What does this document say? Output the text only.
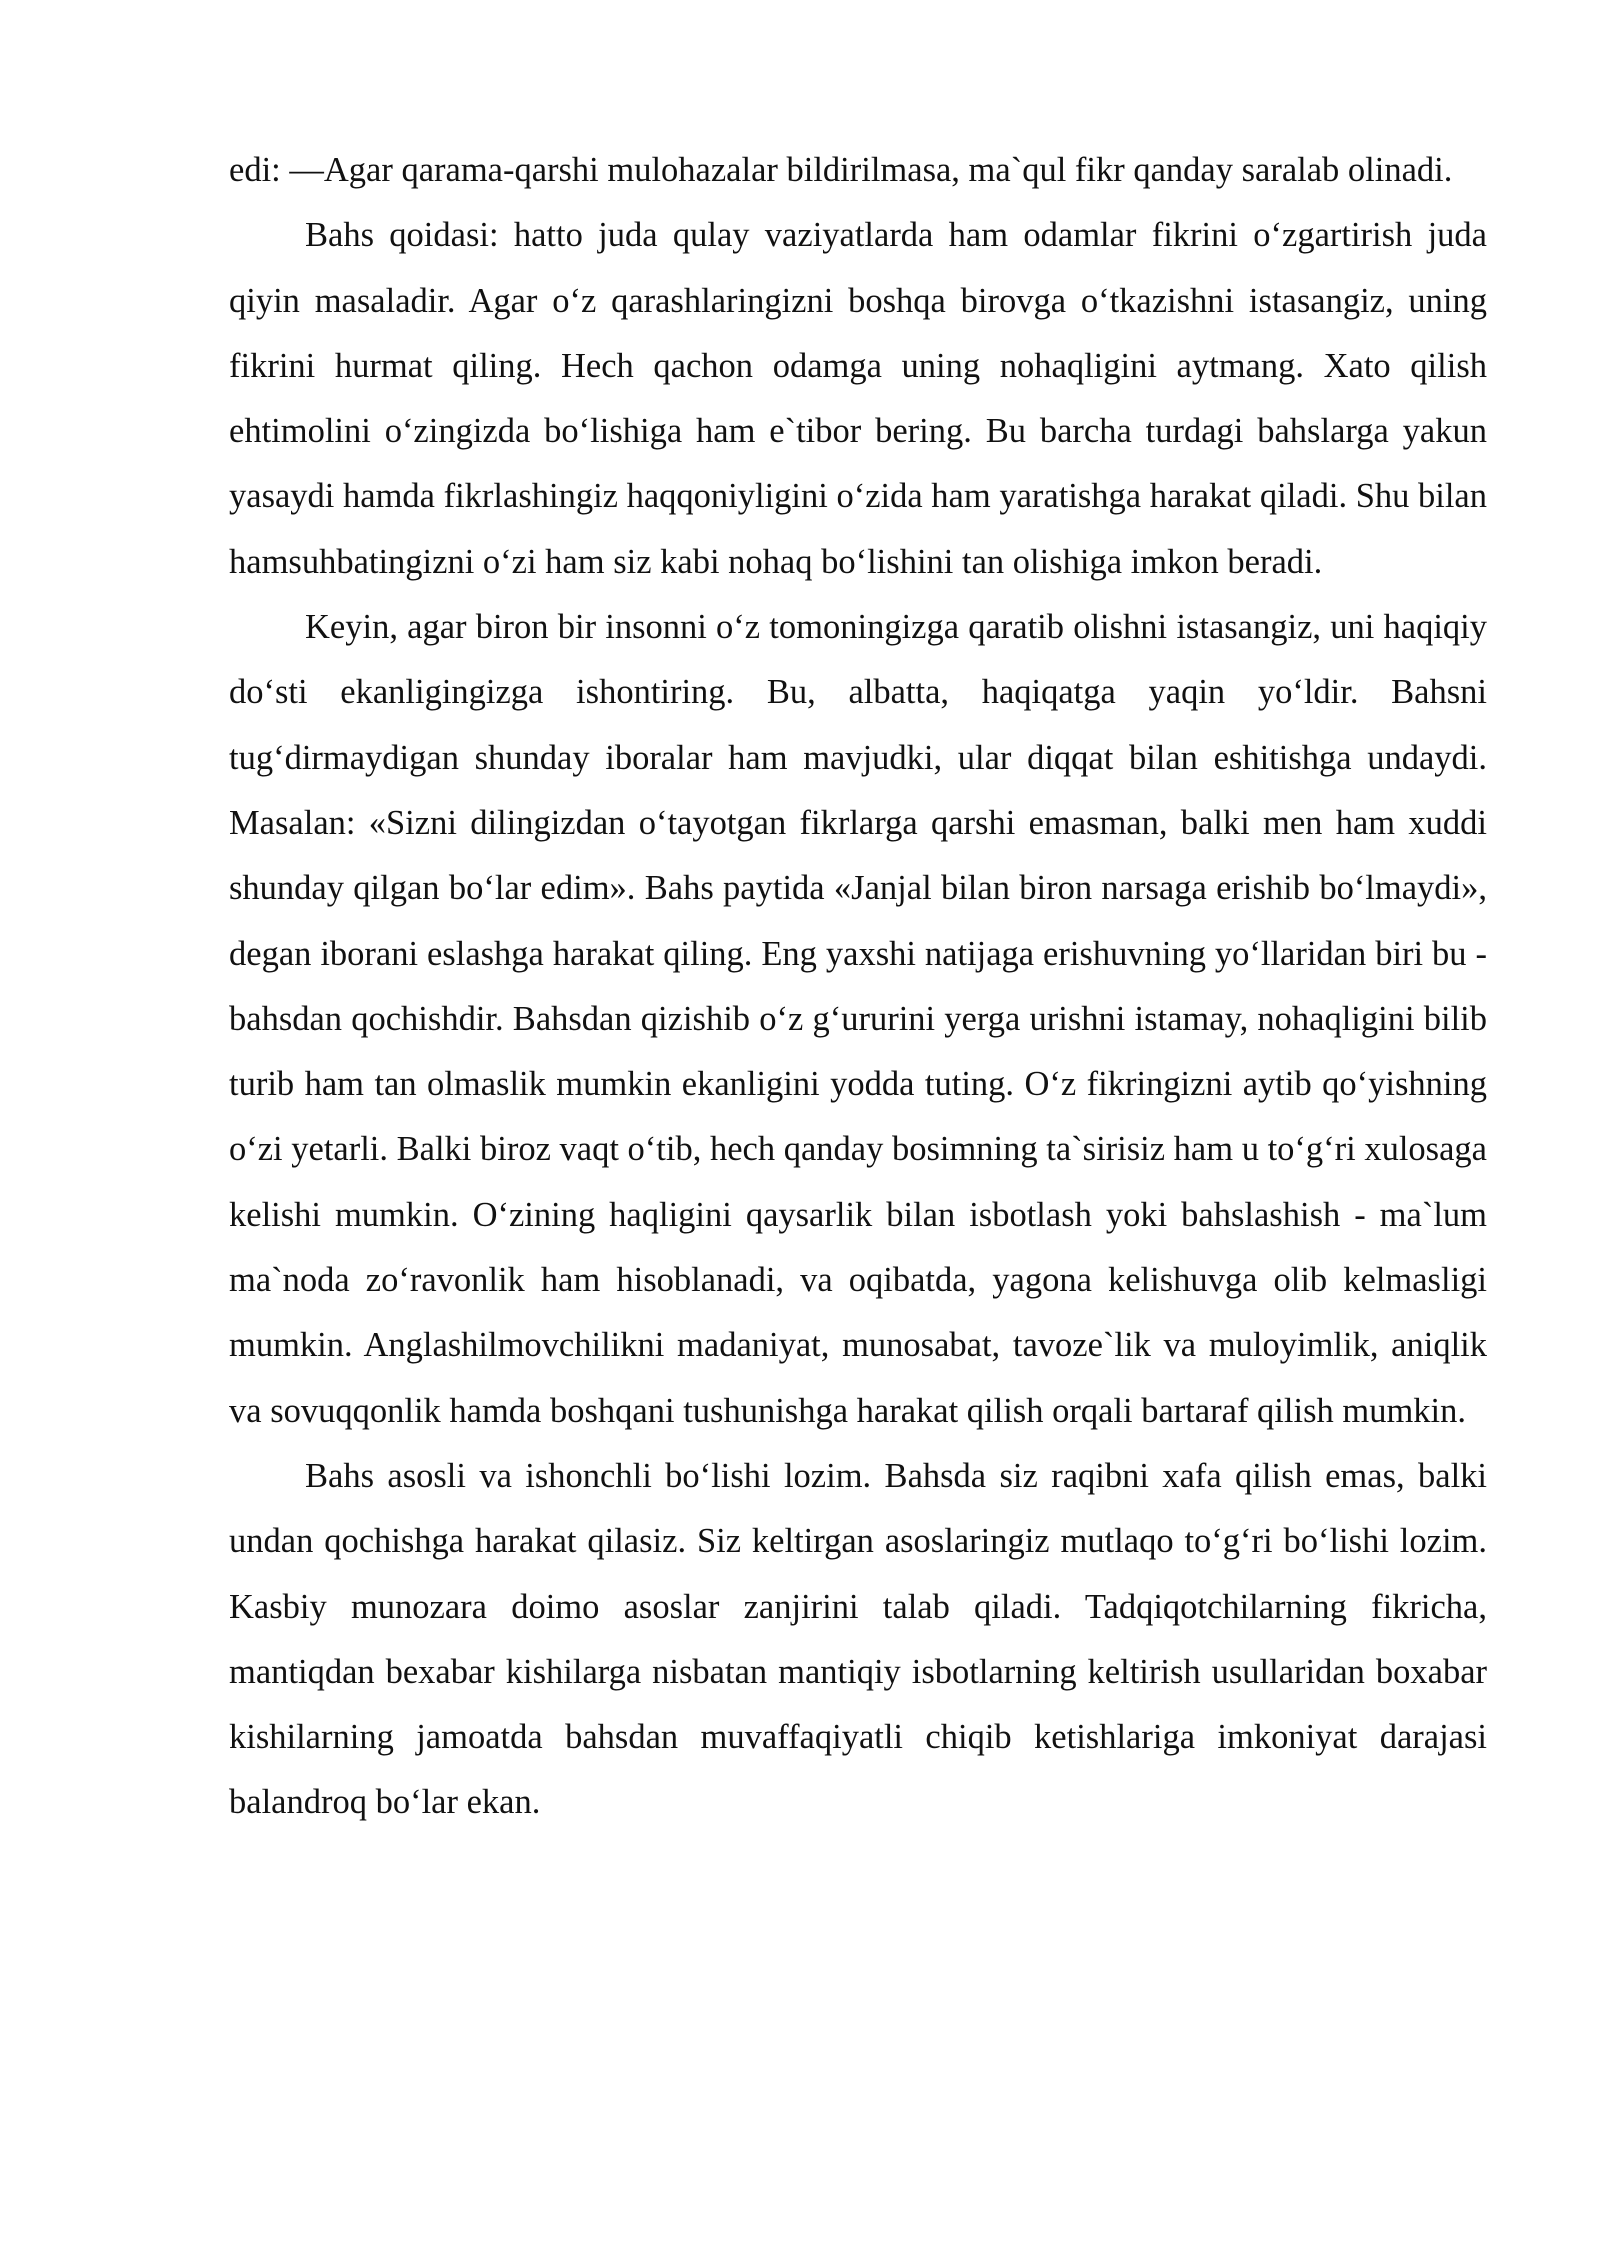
edi: —Agar qarama-qarshi mulohazalar bildirilmasa, ma`qul fikr qanday saralab olinadi.

Bahs qoidasi: hatto juda qulay vaziyatlarda ham odamlar fikrini o‘zgartirish juda qiyin masaladir. Agar o‘z qarashlaringizni boshqa birovga o‘tkazishni istasangiz, uning fikrini hurmat qiling. Hech qachon odamga uning nohaqligini aytmang. Xato qilish ehtimolini o‘zingizda bo‘lishiga ham e`tibor bering. Bu barcha turdagi bahslarga yakun yasaydi hamda fikrlashingiz haqqoniyligini o‘zida ham yaratishga harakat qiladi. Shu bilan hamsuhbatingizni o‘zi ham siz kabi nohaq bo‘lishini tan olishiga imkon beradi.

Keyin, agar biron bir insonni o‘z tomoningizga qaratib olishni istasangiz, uni haqiqiy do‘sti ekanligingizga ishontiring. Bu, albatta, haqiqatga yaqin yo‘ldir. Bahsni tug‘dirmaydigan shunday iboralar ham mavjudki, ular diqqat bilan eshitishga undaydi. Masalan: «Sizni dilingizdan o‘tayotgan fikrlarga qarshi emasman, balki men ham xuddi shunday qilgan bo‘lar edim». Bahs paytida «Janjal bilan biron narsaga erishib bo‘lmaydi», degan iborani eslashga harakat qiling. Eng yaxshi natijaga erishuvning yo‘llaridan biri bu - bahsdan qochishdir. Bahsdan qizishib o‘z g‘ururini yerga urishni istamay, nohaqligini bilib turib ham tan olmaslik mumkin ekanligini yodda tuting. O‘z fikringizni aytib qo‘yishning o‘zi yetarli. Balki biroz vaqt o‘tib, hech qanday bosimning ta`sirisiz ham u to‘g‘ri xulosaga kelishi mumkin. O‘zining haqligini qaysarlik bilan isbotlash yoki bahslashish - ma`lum ma`noda zo‘ravonlik ham hisoblanadi, va oqibatda, yagona kelishuvga olib kelmasligi mumkin. Anglashilmovchilikni madaniyat, munosabat, tavoze`lik va muloyimlik, aniqlik va sovuqqonlik hamda boshqani tushunishga harakat qilish orqali bartaraf qilish mumkin.

Bahs asosli va ishonchli bo‘lishi lozim. Bahsda siz raqibni xafa qilish emas, balki undan qochishga harakat qilasiz. Siz keltirgan asoslaringiz mutlaqo to‘g‘ri bo‘lishi lozim. Kasbiy munozara doimo asoslar zanjirini talab qiladi. Tadqiqotchilarning fikricha, mantiqdan bexabar kishilarga nisbatan mantiqiy isbotlarning keltirish usullaridan boxabar kishilarning jamoatda bahsdan muvaffaqiyatli chiqib ketishlariga imkoniyat darajasi balandroq bo‘lar ekan.
